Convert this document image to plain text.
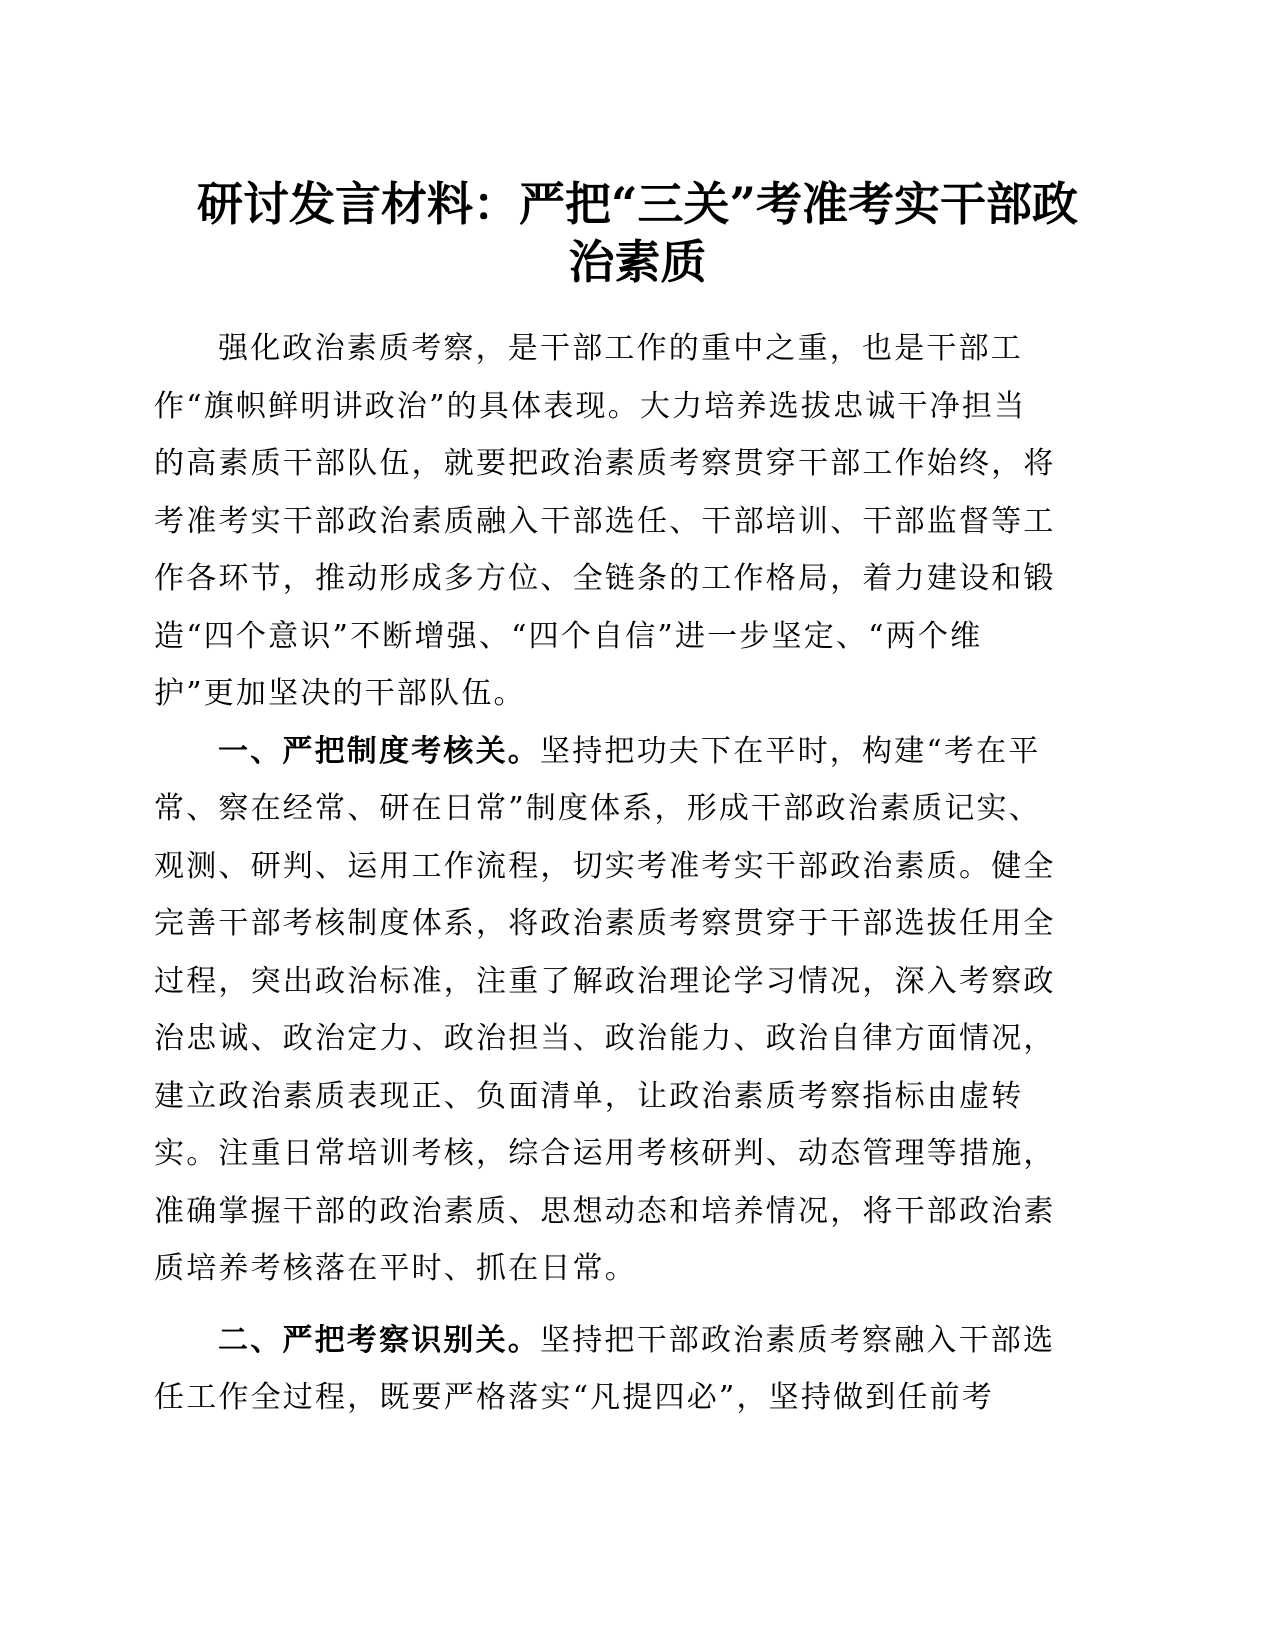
研讨发言材料：严把“三关”考准考实干部政
治素质
强化政治素质考察，是干部工作的重中之重，也是干部工
作“旗帜鲜明讲政治”的具体表现。大力培养选拔忠诚干净担当
的高素质干部队伍，就要把政治素质考察贯穿干部工作始终，将
考准考实干部政治素质融入干部选任、干部培训、干部监督等工
作各环节，推动形成多方位、全链条的工作格局，着力建设和锻
造“四个意识”不断增强、“四个自信”进一步坚定、“两个维
护”更加坚决的干部队伍。
一、严把制度考核关。坚持把功夫下在平时，构建“考在平
常、察在经常、研在日常”制度体系，形成干部政治素质记实、
观测、研判、运用工作流程，切实考准考实干部政治素质。健全
完善干部考核制度体系，将政治素质考察贯穿于干部选拔任用全
过程，突出政治标准，注重了解政治理论学习情况，深入考察政
治忠诚、政治定力、政治担当、政治能力、政治自律方面情况，
建立政治素质表现正、负面清单，让政治素质考察指标由虚转
实。注重日常培训考核，综合运用考核研判、动态管理等措施，
准确掌握干部的政治素质、思想动态和培养情况，将干部政治素
质培养考核落在平时、抓在日常。
二、严把考察识别关。坚持把干部政治素质考察融入干部选
任工作全过程，既要严格落实“凡提四必”，坚持做到任前考
